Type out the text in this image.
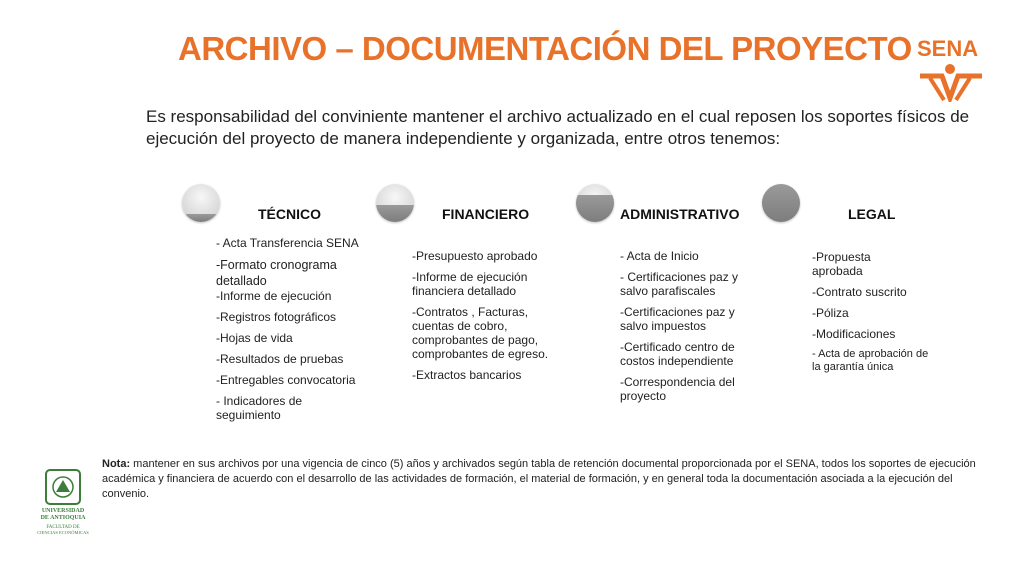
ARCHIVO – DOCUMENTACIÓN DEL PROYECTO SENA
Es responsabilidad del conviniente mantener el archivo actualizado en el cual reposen los soportes físicos de ejecución del proyecto de manera independiente y organizada, entre otros tenemos:
TÉCNICO
- Acta Transferencia SENA
-Formato cronograma detallado
-Informe de ejecución
-Registros fotográficos
-Hojas de vida
-Resultados de pruebas
-Entregables convocatoria
- Indicadores de seguimiento
FINANCIERO
-Presupuesto aprobado
-Informe de ejecución financiera detallado
-Contratos , Facturas, cuentas de cobro, comprobantes de pago, comprobantes de egreso.
-Extractos bancarios
ADMINISTRATIVO
- Acta de Inicio
- Certificaciones paz y salvo parafiscales
-Certificaciones paz y salvo impuestos
-Certificado centro de costos independiente
-Correspondencia del proyecto
LEGAL
-Propuesta aprobada
-Contrato suscrito
-Póliza
-Modificaciones
- Acta de aprobación de la garantía única
Nota: mantener en sus archivos por una vigencia de cinco (5) años y archivados según tabla de retención documental proporcionada por el SENA, todos los soportes de ejecución académica y financiera de acuerdo con el desarrollo de las actividades de formación, el material de formación, y en general toda la documentación asociada a la ejecución del convenio.
UNIVERSIDAD
DE ANTIOQUIA
FACULTAD DE
CIENCIAS ECONÓMICAS
